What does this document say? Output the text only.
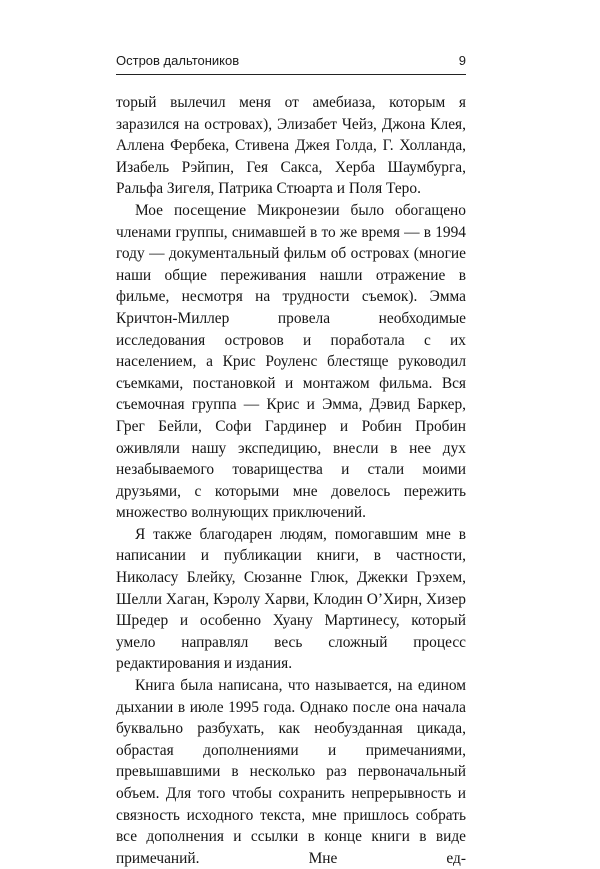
Остров дальтоников	9

торый вылечил меня от амебиаза, которым я заразился на островах), Элизабет Чейз, Джона Клея, Аллена Фербека, Стивена Джея Голда, Г. Холланда, Изабель Рэйпин, Гея Сакса, Херба Шаумбурга, Ральфа Зигеля, Патрика Стюарта и Поля Теро.

Мое посещение Микронезии было обогащено членами группы, снимавшей в то же время — в 1994 году — документальный фильм об островах (многие наши общие переживания нашли отражение в фильме, несмотря на трудности съемок). Эмма Кричтон-Миллер провела необходимые исследования островов и поработала с их населением, а Крис Роуленс блестяще руководил съемками, постановкой и монтажом фильма. Вся съемочная группа — Крис и Эмма, Дэвид Баркер, Грег Бейли, Софи Гардинер и Робин Пробин оживляли нашу экспедицию, внесли в нее дух незабываемого товарищества и стали моими друзьями, с которыми мне довелось пережить множество волнующих приключений.

Я также благодарен людям, помогавшим мне в написании и публикации книги, в частности, Николасу Блейку, Сюзанне Глюк, Джекки Грэхем, Шелли Хаган, Кэролу Харви, Клодин О’Хирн, Хизер Шредер и особенно Хуану Мартинесу, который умело направлял весь сложный процесс редактирования и издания.

Книга была написана, что называется, на едином дыхании в июле 1995 года. Однако после она начала буквально разбухать, как необузданная цикада, обрастая дополнениями и примечаниями, превышавшими в несколько раз первоначальный объем. Для того чтобы сохранить непрерывность и связность исходного текста, мне пришлось собрать все дополнения и ссылки в конце книги в виде примечаний. Мне ед-
